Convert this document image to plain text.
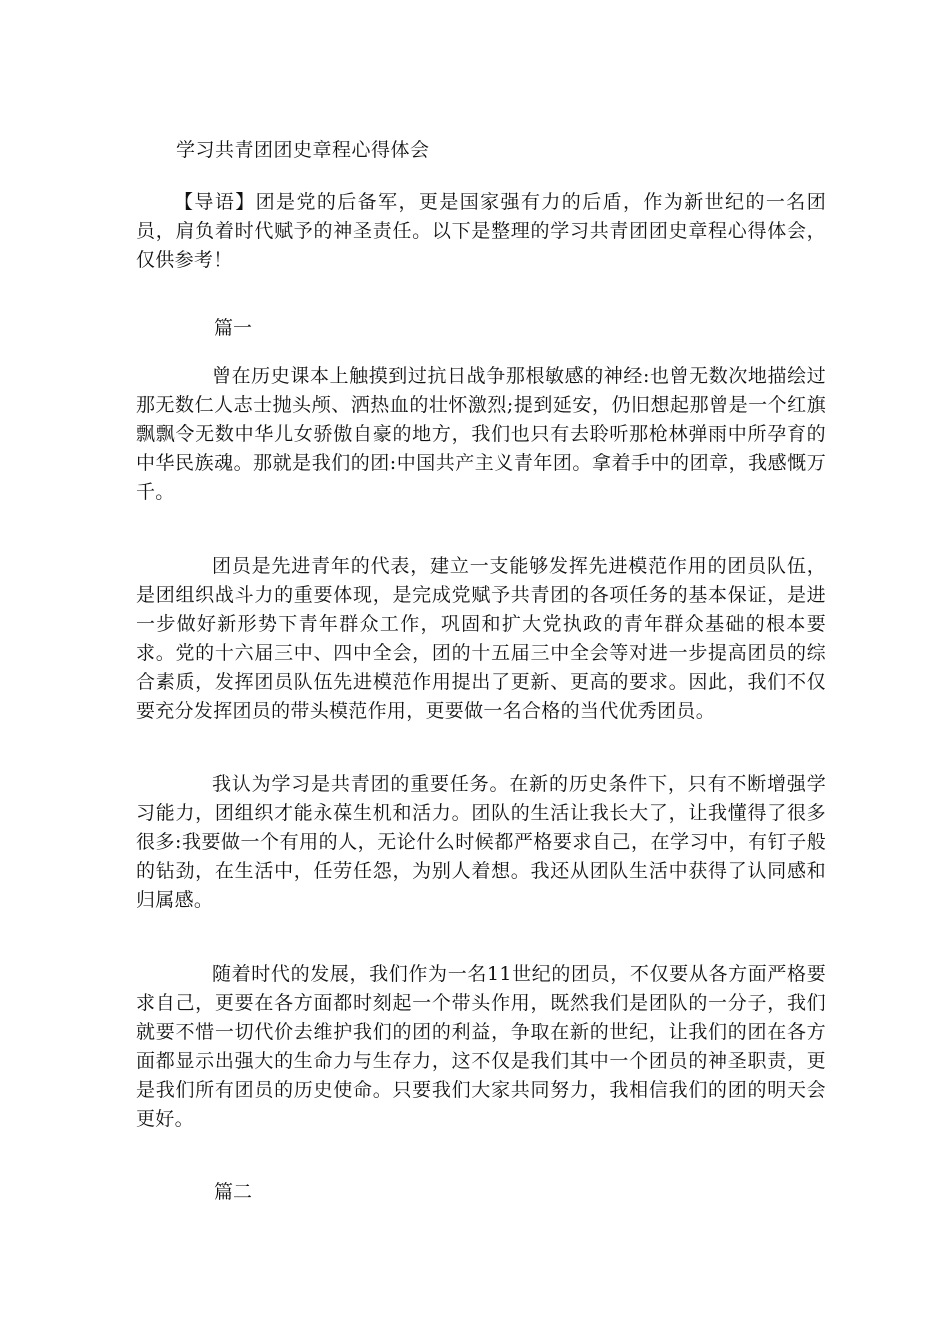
学习共青团团史章程心得体会

【导语】团是党的后备军，更是国家强有力的后盾，作为新世纪的一名团员，肩负着时代赋予的神圣责任。以下是整理的学习共青团团史章程心得体会，仅供参考！

篇一

曾在历史课本上触摸到过抗日战争那根敏感的神经:也曾无数次地描绘过那无数仁人志士抛头颅、洒热血的壮怀激烈;提到延安，仍旧想起那曾是一个红旗飘飘令无数中华儿女骄傲自豪的地方，我们也只有去聆听那枪林弹雨中所孕育的中华民族魂。那就是我们的团:中国共产主义青年团。拿着手中的团章，我感慨万千。

团员是先进青年的代表，建立一支能够发挥先进模范作用的团员队伍，是团组织战斗力的重要体现，是完成党赋予共青团的各项任务的基本保证，是进一步做好新形势下青年群众工作，巩固和扩大党执政的青年群众基础的根本要求。党的十六届三中、四中全会，团的十五届三中全会等对进一步提高团员的综合素质，发挥团员队伍先进模范作用提出了更新、更高的要求。因此，我们不仅要充分发挥团员的带头模范作用，更要做一名合格的当代优秀团员。

我认为学习是共青团的重要任务。在新的历史条件下，只有不断增强学习能力，团组织才能永葆生机和活力。团队的生活让我长大了，让我懂得了很多很多:我要做一个有用的人，无论什么时候都严格要求自己，在学习中，有钉子般的钻劲，在生活中，任劳任怨，为别人着想。我还从团队生活中获得了认同感和归属感。

随着时代的发展，我们作为一名11世纪的团员，不仅要从各方面严格要求自己，更要在各方面都时刻起一个带头作用，既然我们是团队的一分子，我们就要不惜一切代价去维护我们的团的利益，争取在新的世纪，让我们的团在各方面都显示出强大的生命力与生存力，这不仅是我们其中一个团员的神圣职责，更是我们所有团员的历史使命。只要我们大家共同努力，我相信我们的团的明天会更好。

篇二
